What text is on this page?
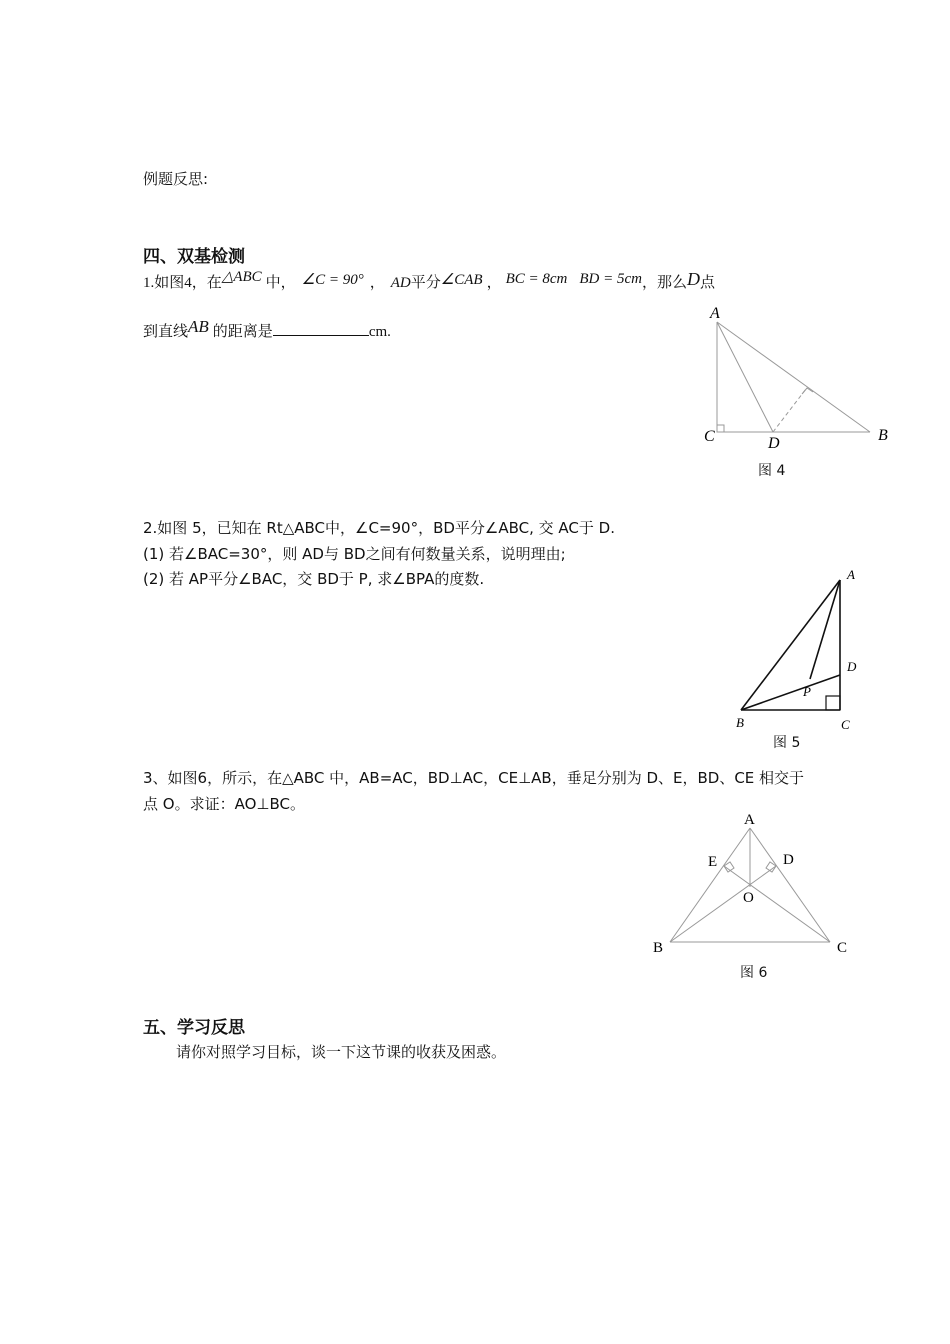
例题反思:
四、双基检测
1.如图4，在△ABC 中， ∠C = 90° ， AD平分∠CAB ， BC = 8cm BD = 5cm，那么D点
到直线AB 的距离是	cm.
A
C	D	B
图 4
2.如图 5，已知在 Rt△ABC中，∠C=90°，BD平分∠ABC, 交 AC于 D.
(1) 若∠BAC=30°，则 AD与 BD之间有何数量关系，说明理由;
(2) 若 AP平分∠BAC，交 BD于 P, 求∠BPA的度数.	A
D
P
B	C
图 5
3、如图6，所示，在△ABC 中，AB=AC，BD⊥AC，CE⊥AB，垂足分别为 D、E，BD、CE 相交于
点 O。求证：AO⊥BC。
A
E	D
O
B	C
图 6
五、学习反思
请你对照学习目标，谈一下这节课的收获及困惑。
